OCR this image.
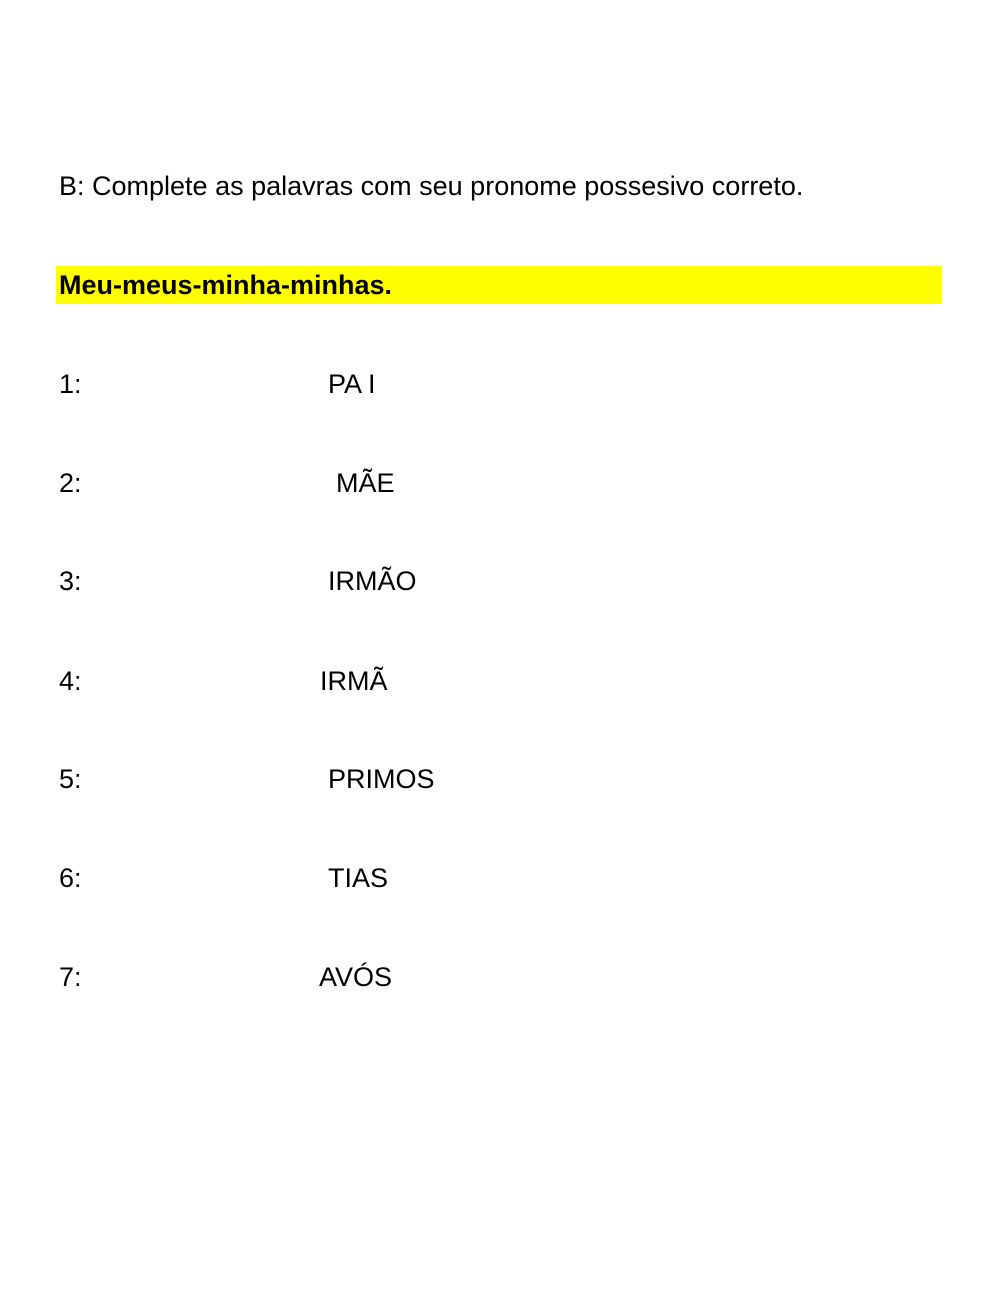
B: Complete as palavras com seu pronome possesivo correto.
Meu-meus-minha-minhas.
1:	PA I
2:	MÃE
3:	IRMÃO
4:	IRMÃ
5:	PRIMOS
6:	TIAS
7:	AVÓS
